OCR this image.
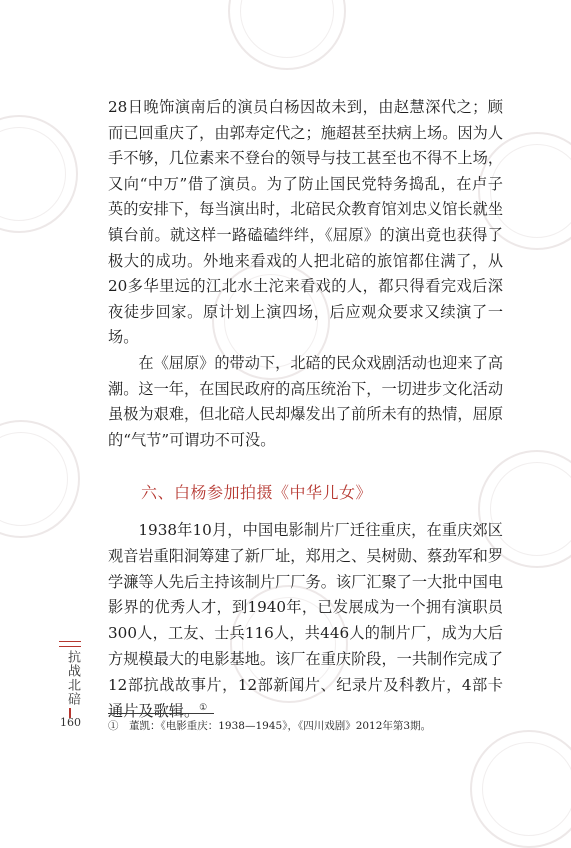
28日晚饰演南后的演员白杨因故未到，由赵慧深代之；顾而已回重庆了，由郭寿定代之；施超甚至扶病上场。因为人手不够，几位素来不登台的领导与技工甚至也不得不上场，又向“中万”借了演员。为了防止国民党特务捣乱，在卢子英的安排下，每当演出时，北碚民众教育馆刘忠义馆长就坐镇台前。就这样一路磕磕绊绊，《屈原》的演出竟也获得了极大的成功。外地来看戏的人把北碚的旅馆都住满了，从20多华里远的江北水土沱来看戏的人，都只得看完戏后深夜徒步回家。原计划上演四场，后应观众要求又续演了一场。

在《屈原》的带动下，北碚的民众戏剧活动也迎来了高潮。这一年，在国民政府的高压统治下，一切进步文化活动虽极为艰难，但北碚人民却爆发出了前所未有的热情，屈原的“气节”可谓功不可没。

六、白杨参加拍摄《中华儿女》

1938年10月，中国电影制片厂迁往重庆，在重庆郊区观音岩重阳洞筹建了新厂址，郑用之、吴树勋、蔡劲军和罗学濂等人先后主持该制片厂厂务。该厂汇聚了一大批中国电影界的优秀人才，到1940年，已发展成为一个拥有演职员300人，工友、士兵116人，共446人的制片厂，成为大后方规模最大的电影基地。该厂在重庆阶段，一共制作完成了12部抗战故事片，12部新闻片、纪录片及科教片，4部卡通片及歌辑。①

①　董凯：《电影重庆：1938—1945》，《四川戏剧》2012年第3期。
抗战北碚
160
